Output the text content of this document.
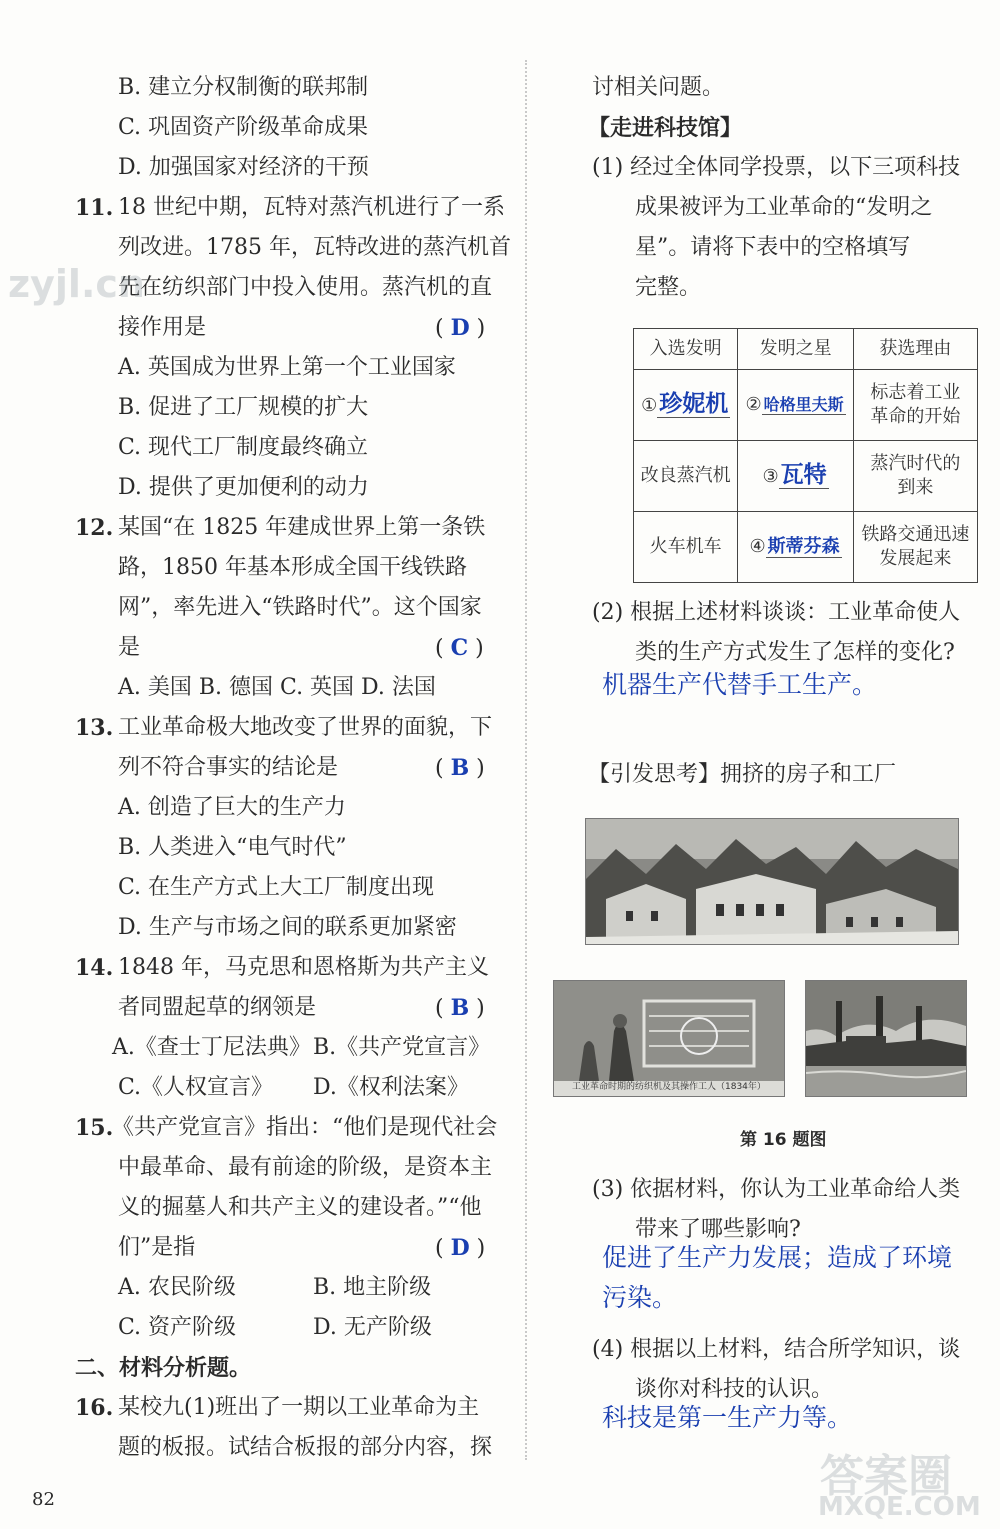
B. 建立分权制衡的联邦制
C. 巩固资产阶级革命成果
D. 加强国家对经济的干预
11. 18 世纪中期，瓦特对蒸汽机进行了一系
列改进。1785 年，瓦特改进的蒸汽机首
先在纺织部门中投入使用。蒸汽机的直
接作用是	( D )
A. 英国成为世界上第一个工业国家
B. 促进了工厂规模的扩大
C. 现代工厂制度最终确立
D. 提供了更加便利的动力
12. 某国“在 1825 年建成世界上第一条铁
路，1850 年基本形成全国干线铁路
网”，率先进入“铁路时代”。这个国家
是	( C )
A. 美国 B. 德国 C. 英国 D. 法国
13. 工业革命极大地改变了世界的面貌，下
列不符合事实的结论是	( B )
A. 创造了巨大的生产力
B. 人类进入“电气时代”
C. 在生产方式上大工厂制度出现
D. 生产与市场之间的联系更加紧密
14. 1848 年，马克思和恩格斯为共产主义
者同盟起草的纲领是	( B )
A.《查士丁尼法典》 B.《共产党宣言》
C.《人权宣言》 D.《权利法案》
15.
《共产党宣言》指出：“他们是现代社会
中最革命、最有前途的阶级，是资本主
义的掘墓人和共产主义的建设者。”“他
们”是指	( D )
A. 农民阶级	B. 地主阶级
C. 资产阶级	D. 无产阶级
二、材料分析题。
16. 某校九(1)班出了一期以工业革命为主
题的板报。试结合板报的部分内容，探
82
讨相关问题。
【走进科技馆】
(1) 经过全体同学投票，以下三项科技
成果被评为工业革命的“发明之
星”。请将下表中的空格填写
完整。
入选发明	发明之星	获选理由
①珍妮机	② 哈格里夫斯	标志着工业
革命的开始

改良蒸汽机	③瓦特	蒸汽时代的
到来

火车机车	④ 斯蒂芬森	铁路交通迅速
发展起来
(2) 根据上述材料谈谈：工业革命使人
类的生产方式发生了怎样的变化?
机器生产代替手工生产。
【引发思考】拥挤的房子和工厂
工业革命时期的纺织机及其操作工人（1834年）
第 16 题图
(3) 依据材料，你认为工业革命给人类
带来了哪些影响?
促进了生产力发展；造成了环境
污染。
(4) 根据以上材料，结合所学知识，谈
谈你对科技的认识。
科技是第一生产力等。
zyjl.cn
答案圈
MXQE.COM
